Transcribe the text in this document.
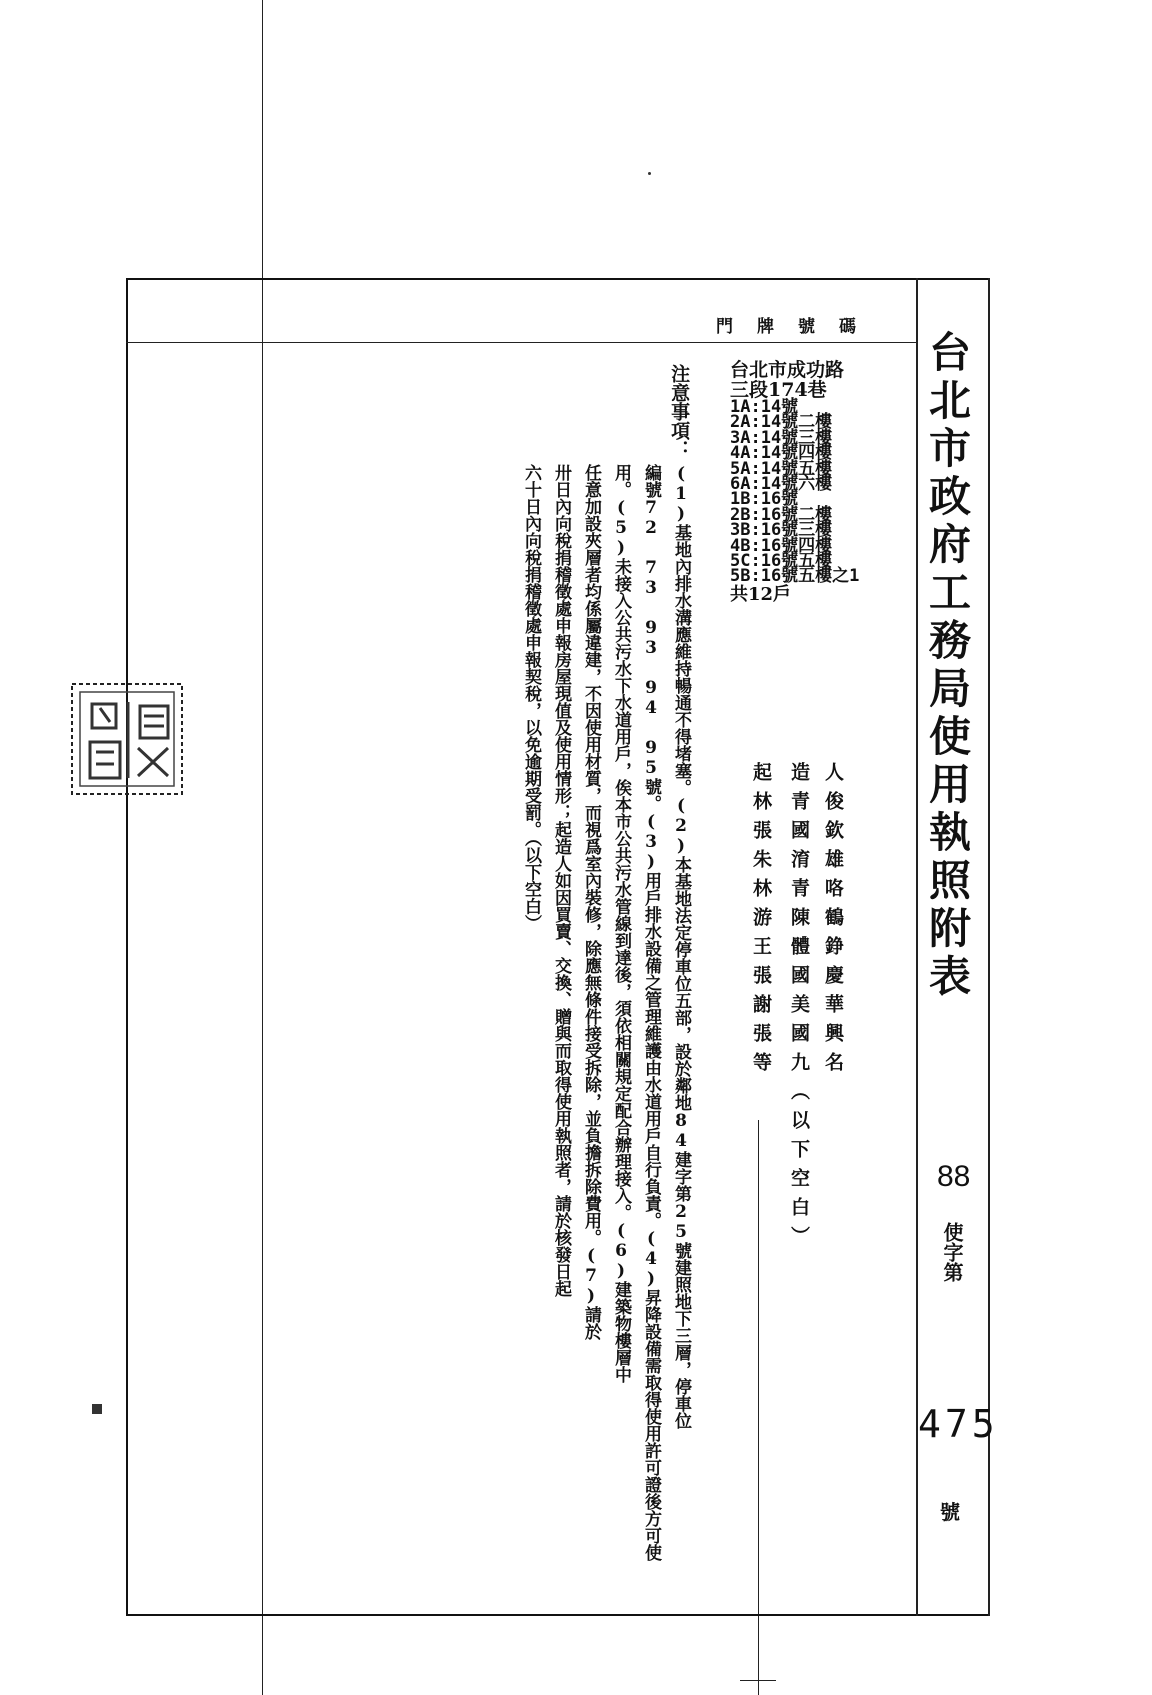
台北市政府工務局使用執照附表
門 牌 號 碼
台北市成功路
三段174巷
1A:14號
2A:14號二樓
3A:14號三樓
4A:14號四樓
5A:14號五樓
6A:14號六樓
1B:16號
2B:16號二樓
3B:16號三樓
4B:16號四樓
5C:16號五樓
5B:16號五樓之1
共12戶
人俊欽雄咯鶴錚慶華興名
造青國淯青陳體國美國九（以下空白）
起林張朱林游王張謝張等
注意事項：
(1)基地內排水溝應維持暢通不得堵塞。(2)本基地法定停車位五部，設於鄰地84建字第25號建照地下三層，停車位
編號72 73 93 94 95號。(3)用戶排水設備之管理維護由水道用戶自行負責。(4)昇降設備需取得使用許可證後方可使
用。(5)未接入公共污水下水道用戶，俟本市公共污水管線到達後，須依相關規定配合辦理接入。(6)建築物樓層中
任意加設夾層者均係屬違建，不因使用材質，而視爲室內裝修，除應無條件接受拆除，並負擔拆除費用。(7)請於
卅日內向稅捐稽徵處申報房屋現值及使用情形；起造人如因買賣、交換、贈與而取得使用執照者，請於核發日起
六十日內向稅捐稽徵處申報契稅，以免逾期受罰。（以下空白）
88
使字第
475
號
